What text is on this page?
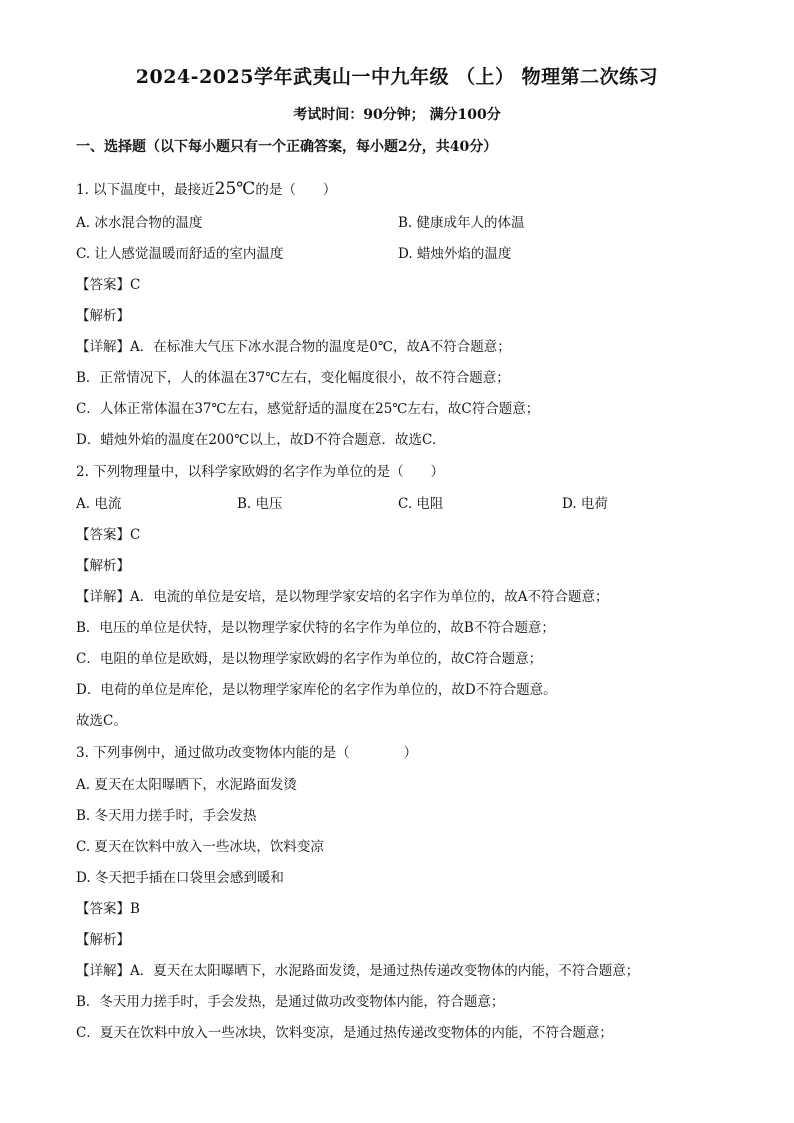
2024-2025学年武夷山一中九年级 （上） 物理第二次练习
考试时间：90分钟； 满分100分
一、选择题（以下每小题只有一个正确答案，每小题2分，共40分）
1. 以下温度中，最接近25℃的是（　　）
A. 冰水混合物的温度	B. 健康成年人的体温
C. 让人感觉温暖而舒适的室内温度	D. 蜡烛外焰的温度
【答案】C
【解析】
【详解】A．在标准大气压下冰水混合物的温度是0℃，故A不符合题意；
B．正常情况下，人的体温在37℃左右，变化幅度很小，故不符合题意；
C．人体正常体温在37℃左右，感觉舒适的温度在25℃左右，故C符合题意；
D．蜡烛外焰的温度在200℃以上，故D不符合题意．故选C.
2. 下列物理量中，以科学家欧姆的名字作为单位的是（　　）
A. 电流	B. 电压	C. 电阻	D. 电荷
【答案】C
【解析】
【详解】A．电流的单位是安培，是以物理学家安培的名字作为单位的，故A不符合题意；
B．电压的单位是伏特，是以物理学家伏特的名字作为单位的，故B不符合题意；
C．电阻的单位是欧姆，是以物理学家欧姆的名字作为单位的，故C符合题意；
D．电荷的单位是库伦，是以物理学家库伦的名字作为单位的，故D不符合题意。
故选C。
3. 下列事例中，通过做功改变物体内能的是（　　　　）
A. 夏天在太阳曝晒下，水泥路面发烫
B. 冬天用力搓手时，手会发热
C. 夏天在饮料中放入一些冰块，饮料变凉
D. 冬天把手插在口袋里会感到暖和
【答案】B
【解析】
【详解】A．夏天在太阳曝晒下，水泥路面发烫，是通过热传递改变物体的内能，不符合题意；
B．冬天用力搓手时，手会发热，是通过做功改变物体内能，符合题意；
C．夏天在饮料中放入一些冰块，饮料变凉，是通过热传递改变物体的内能，不符合题意；
